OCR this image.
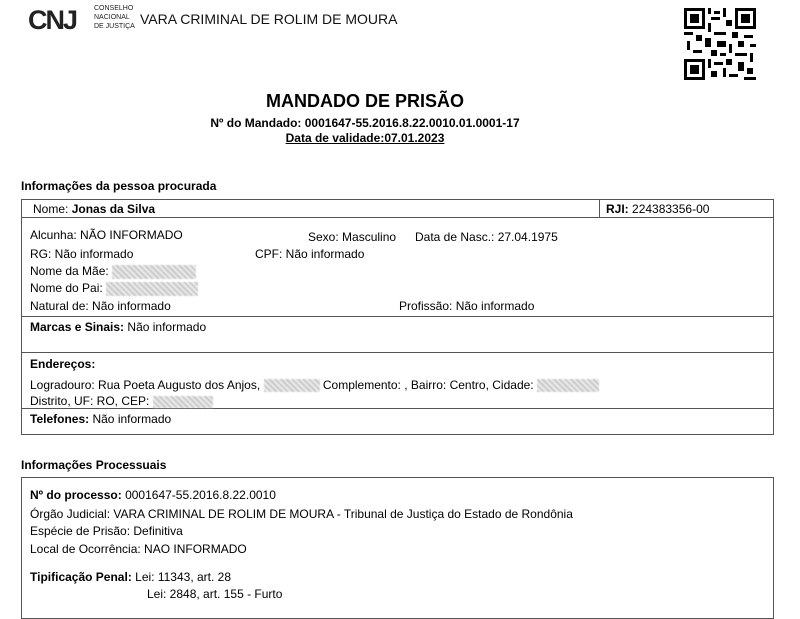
CNJ	CONSELHO
NACIONAL
DE JUSTIÇA VARA CRIMINAL DE ROLIM DE MOURA
MANDADO DE PRISÃO
Nº do Mandado: 0001647-55.2016.8.22.0010.01.0001-17
Data de validade:07.01.2023
Informações da pessoa procurada
Nome: Jonas da Silva	RJI: 224383356-00
Alcunha: NÃO INFORMADO	Sexo: Masculino Data de Nasc.: 27.04.1975
RG: Não informado	CPF: Não informado
Nome da Mãe:
Nome do Pai:
Natural de: Não informado	Profissão: Não informado
Marcas e Sinais: Não informado
Endereços:
Logradouro: Rua Poeta Augusto dos Anjos,	Complemento: , Bairro: Centro, Cidade:
Distrito, UF: RO, CEP:
Telefones: Não informado
Informações Processuais
Nº do processo: 0001647-55.2016.8.22.0010
Órgão Judicial: VARA CRIMINAL DE ROLIM DE MOURA - Tribunal de Justiça do Estado de Rondônia
Espécie de Prisão: Definitiva
Local de Ocorrência: NAO INFORMADO
Tipificação Penal: Lei: 11343, art. 28
Lei: 2848, art. 155 - Furto
